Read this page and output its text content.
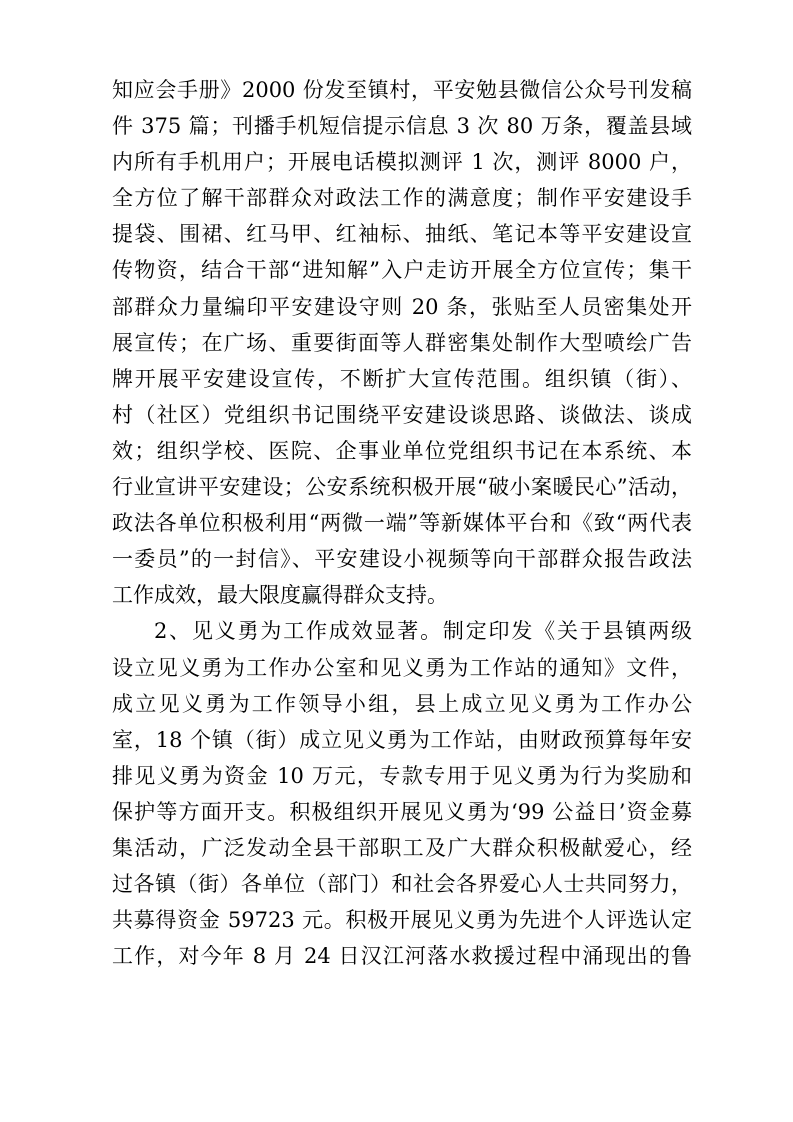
知应会手册》2000 份发至镇村，平安勉县微信公众号刊发稿
件 375 篇；刊播手机短信提示信息 3 次 80 万条，覆盖县域
内所有手机用户；开展电话模拟测评 1 次，测评 8000 户，
全方位了解干部群众对政法工作的满意度；制作平安建设手
提袋、围裙、红马甲、红袖标、抽纸、笔记本等平安建设宣
传物资，结合干部“进知解”入户走访开展全方位宣传；集干
部群众力量编印平安建设守则 20 条，张贴至人员密集处开
展宣传；在广场、重要街面等人群密集处制作大型喷绘广告
牌开展平安建设宣传，不断扩大宣传范围。组织镇（街）、
村（社区）党组织书记围绕平安建设谈思路、谈做法、谈成
效；组织学校、医院、企事业单位党组织书记在本系统、本
行业宣讲平安建设；公安系统积极开展“破小案暖民心”活动，
政法各单位积极利用“两微一端”等新媒体平台和《致“两代表
一委员”的一封信》、平安建设小视频等向干部群众报告政法
工作成效，最大限度赢得群众支持。
2、见义勇为工作成效显著。制定印发《关于县镇两级
设立见义勇为工作办公室和见义勇为工作站的通知》文件，
成立见义勇为工作领导小组，县上成立见义勇为工作办公
室，18 个镇（街）成立见义勇为工作站，由财政预算每年安
排见义勇为资金 10 万元，专款专用于见义勇为行为奖励和
保护等方面开支。积极组织开展见义勇为‘99 公益日’资金募
集活动，广泛发动全县干部职工及广大群众积极献爱心，经
过各镇（街）各单位（部门）和社会各界爱心人士共同努力，
共募得资金 59723 元。积极开展见义勇为先进个人评选认定
工作，对今年 8 月 24 日汉江河落水救援过程中涌现出的鲁
